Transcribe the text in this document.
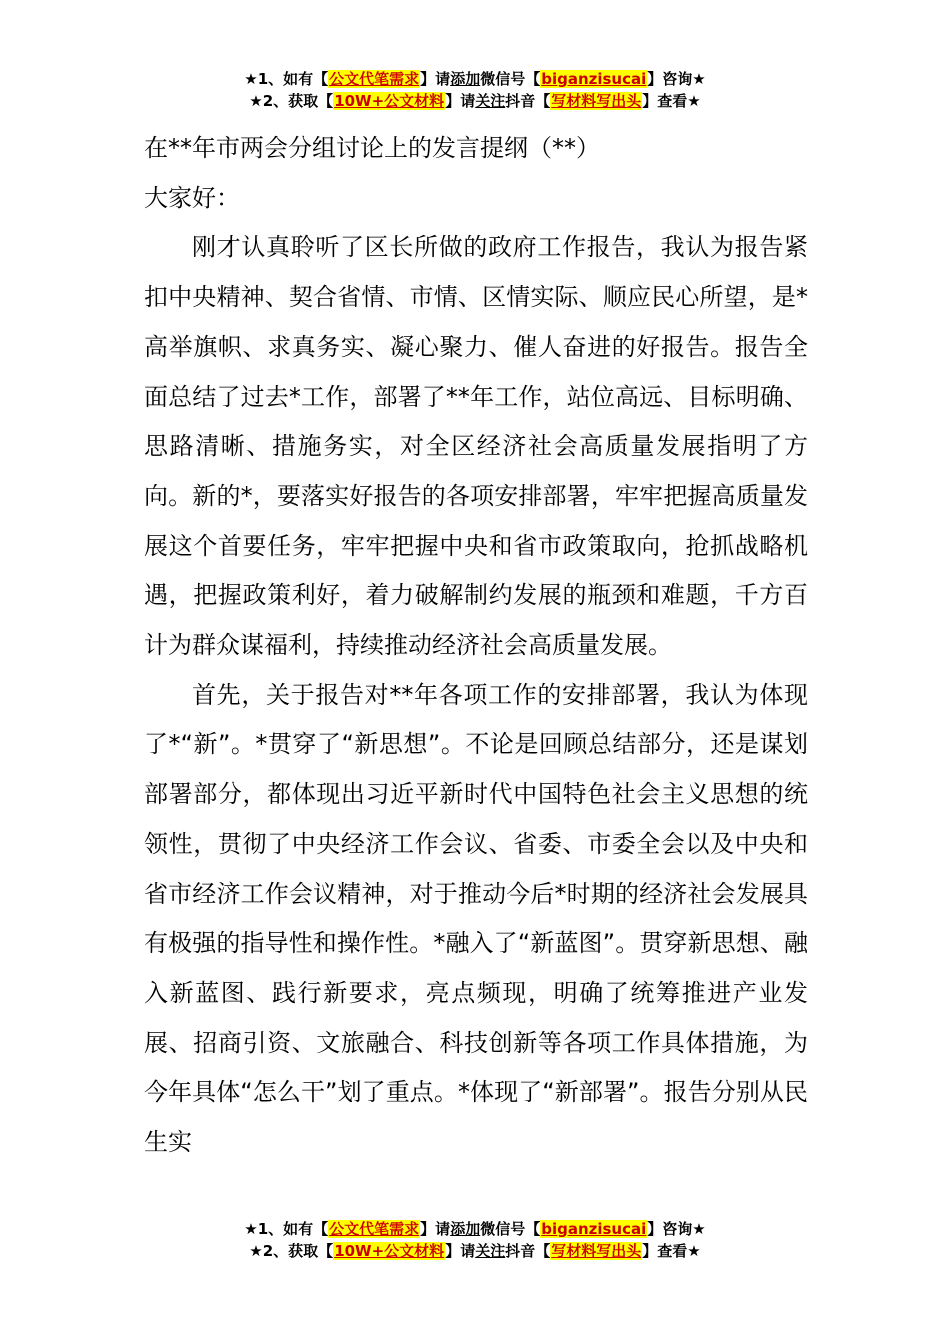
★1、如有【公文代笔需求】请添加微信号【biganzisucai】咨询★
★2、获取【10W+公文材料】请关注抖音【写材料写出头】查看★

在**年市两会分组讨论上的发言提纲（**）

大家好：

刚才认真聆听了区长所做的政府工作报告，我认为报告紧扣中央精神、契合省情、市情、区情实际、顺应民心所望，是*高举旗帜、求真务实、凝心聚力、催人奋进的好报告。报告全面总结了过去*工作，部署了**年工作，站位高远、目标明确、思路清晰、措施务实，对全区经济社会高质量发展指明了方向。新的*，要落实好报告的各项安排部署，牢牢把握高质量发展这个首要任务，牢牢把握中央和省市政策取向，抢抓战略机遇，把握政策利好，着力破解制约发展的瓶颈和难题，千方百计为群众谋福利，持续推动经济社会高质量发展。

首先，关于报告对**年各项工作的安排部署，我认为体现了*“新”。*贯穿了“新思想”。不论是回顾总结部分，还是谋划部署部分，都体现出习近平新时代中国特色社会主义思想的统领性，贯彻了中央经济工作会议、省委、市委全会以及中央和省市经济工作会议精神，对于推动今后*时期的经济社会发展具有极强的指导性和操作性。*融入了“新蓝图”。贯穿新思想、融入新蓝图、践行新要求，亮点频现，明确了统筹推进产业发展、招商引资、文旅融合、科技创新等各项工作具体措施，为今年具体“怎么干”划了重点。*体现了“新部署”。报告分别从民生实

★1、如有【公文代笔需求】请添加微信号【biganzisucai】咨询★
★2、获取【10W+公文材料】请关注抖音【写材料写出头】查看★
